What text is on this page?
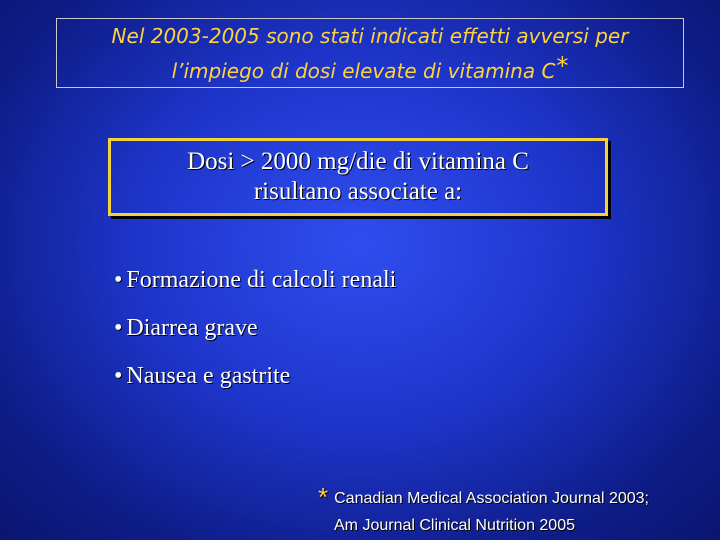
Nel 2003-2005 sono stati indicati effetti avversi per
l’impiego di dosi elevate di vitamina C*
Dosi > 2000 mg/die di vitamina C
risultano associate a:
• Formazione di calcoli renali
• Diarrea grave
• Nausea e gastrite
* Canadian Medical Association Journal 2003;
Am Journal Clinical Nutrition 2005
